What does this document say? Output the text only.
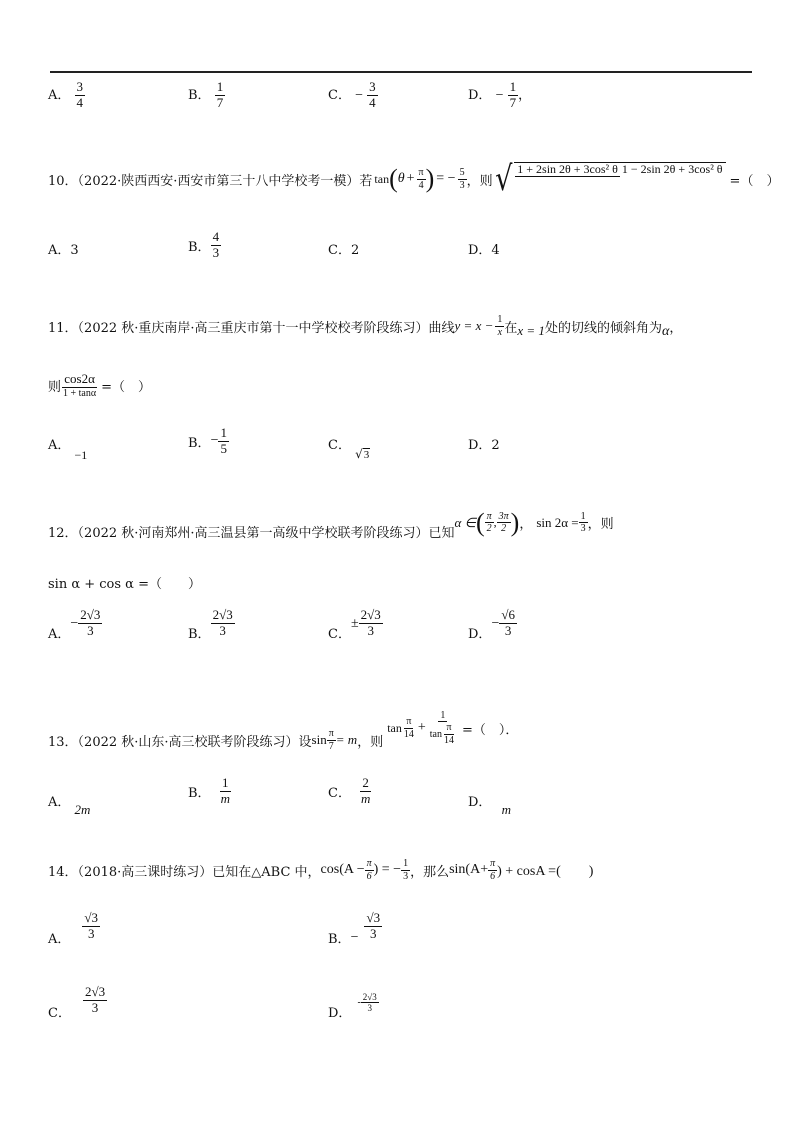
A． $\frac{3}{4}$	B． $\frac{1}{7}$	C． − $\frac{3}{4}$	D． − $\frac{1}{7}$ ，
10．（2022·陕西西安·西安市第三十八中学校考一模）若 tan ( $\theta + \frac{\pi}{4}$ ) = − $\frac{5}{3}$ ，则 √ 1 + 2sin 2θ + 3cos² θ 1 − 2sin 2θ + 3cos² θ
=（　）
A．3	B． $\frac{4}{3}$	C．2	D．4
11．（2022 秋·重庆南岸·高三重庆市第十一中学校校考阶段练习）曲线 $y = x - \frac{1}{x}$ 在 x = 1 处的切线的倾斜角为 α ，
则 $\frac{\cos 2\alpha}{1 + \tan\alpha}$ =（　）
A． −1
B． − $\frac{1}{5}$	C． $_{√3}$
D．2
12．（2022 秋·河南郑州·高三温县第一高级中学校联考阶段练习）已知
α ∈ ( $\frac{\pi}{2}$ , $\frac{3\pi}{2}$ ) ， $\sin 2\alpha = \frac{1}{3}$ ，则
sin α + cos α =（　　）
A．
− $\frac{2√3}{3}$	B． $\frac{2√3}{3}$	C．
± $\frac{2√3}{3}$	D．
− $\frac{√6}{3}$
13．（2022 秋·山东·高三校联考阶段练习）设 $\sin \frac{\pi}{7} = m$ ，则
$\tan \frac{\pi}{14} + \frac{1}{\tan \frac{\pi}{14}}$ =（　）．
A． 2m
B． $\frac{1}{m}$	C． $\frac{2}{m}$	D． m
14．（2018·高三课时练习）已知在△ABC 中， $\cos(A - \frac{\pi}{6}$ ) = − $\frac{1}{3}$ ，那么 $\sin(A+ \frac{\pi}{6}$ ) + cosA =(　　)
A． $\frac{√3}{3}$	B． − $\frac{√3}{3}$
C． $\frac{2√3}{3}$	D．
- $\frac{2√3}{3}$
